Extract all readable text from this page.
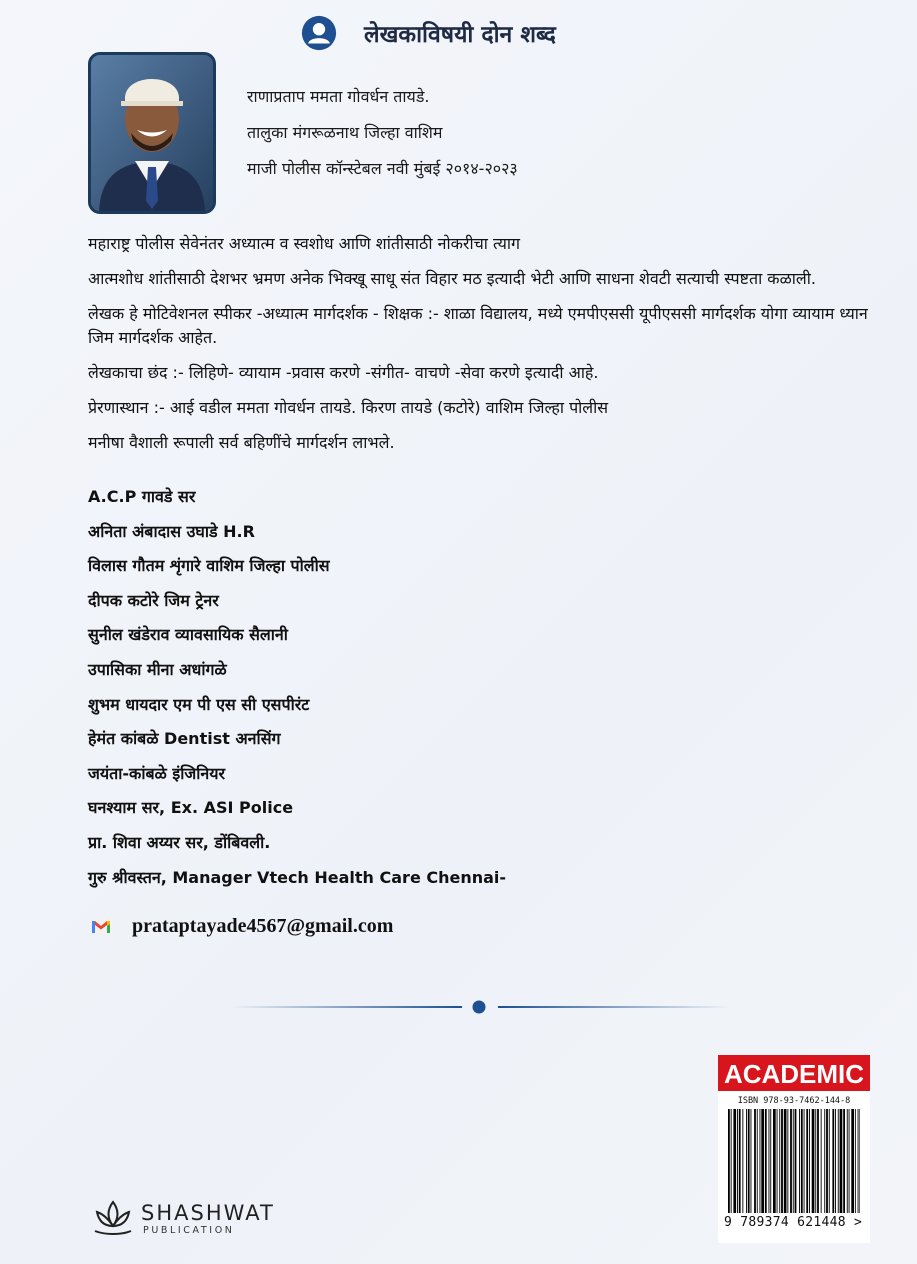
लेखकाविषयी दोन शब्द
राणाप्रताप ममता गोवर्धन तायडे.
तालुका मंगरूळनाथ जिल्हा वाशिम
माजी पोलीस कॉन्स्टेबल नवी मुंबई २०१४-२०२३

महाराष्ट्र पोलीस सेवेनंतर अध्यात्म व स्वशोध आणि शांतीसाठी नोकरीचा त्याग

आत्मशोध शांतीसाठी देशभर भ्रमण अनेक भिक्खू साधू संत विहार मठ इत्यादी भेटी आणि साधना शेवटी सत्याची स्पष्टता कळाली.

लेखक हे मोटिवेशनल स्पीकर -अध्यात्म मार्गदर्शक - शिक्षक :- शाळा विद्यालय, मध्ये एमपीएससी यूपीएससी मार्गदर्शक योगा व्यायाम ध्यान जिम मार्गदर्शक आहेत.

लेखकाचा छंद :- लिहिणे- व्यायाम -प्रवास करणे -संगीत- वाचणे -सेवा करणे इत्यादी आहे.

प्रेरणास्थान :- आई वडील ममता गोवर्धन तायडे. किरण तायडे (कटोरे) वाशिम जिल्हा पोलीस

मनीषा वैशाली रूपाली सर्व बहिणींचे मार्गदर्शन लाभले.

A.C.P गावडे सर
अनिता अंबादास उघाडे H.R
विलास गौतम शृंगारे वाशिम जिल्हा पोलीस
दीपक कटोरे जिम ट्रेनर
सुनील खंडेराव व्यावसायिक सैलानी
उपासिका मीना अधांगळे
शुभम धायदार एम पी एस सी एसपीरंट
हेमंत कांबळे Dentist अनसिंग
जयंता-कांबळे इंजिनियर
घनश्याम सर, Ex. ASI Police
प्रा. शिवा अय्यर सर, डोंबिवली.
गुरु श्रीवस्तन, Manager Vtech Health Care Chennai-
prataptayade4567@gmail.com
ACADEMIC
ISBN 978-93-7462-144-8
9 789374 621448 >
SHASHWAT
PUBLICATION
